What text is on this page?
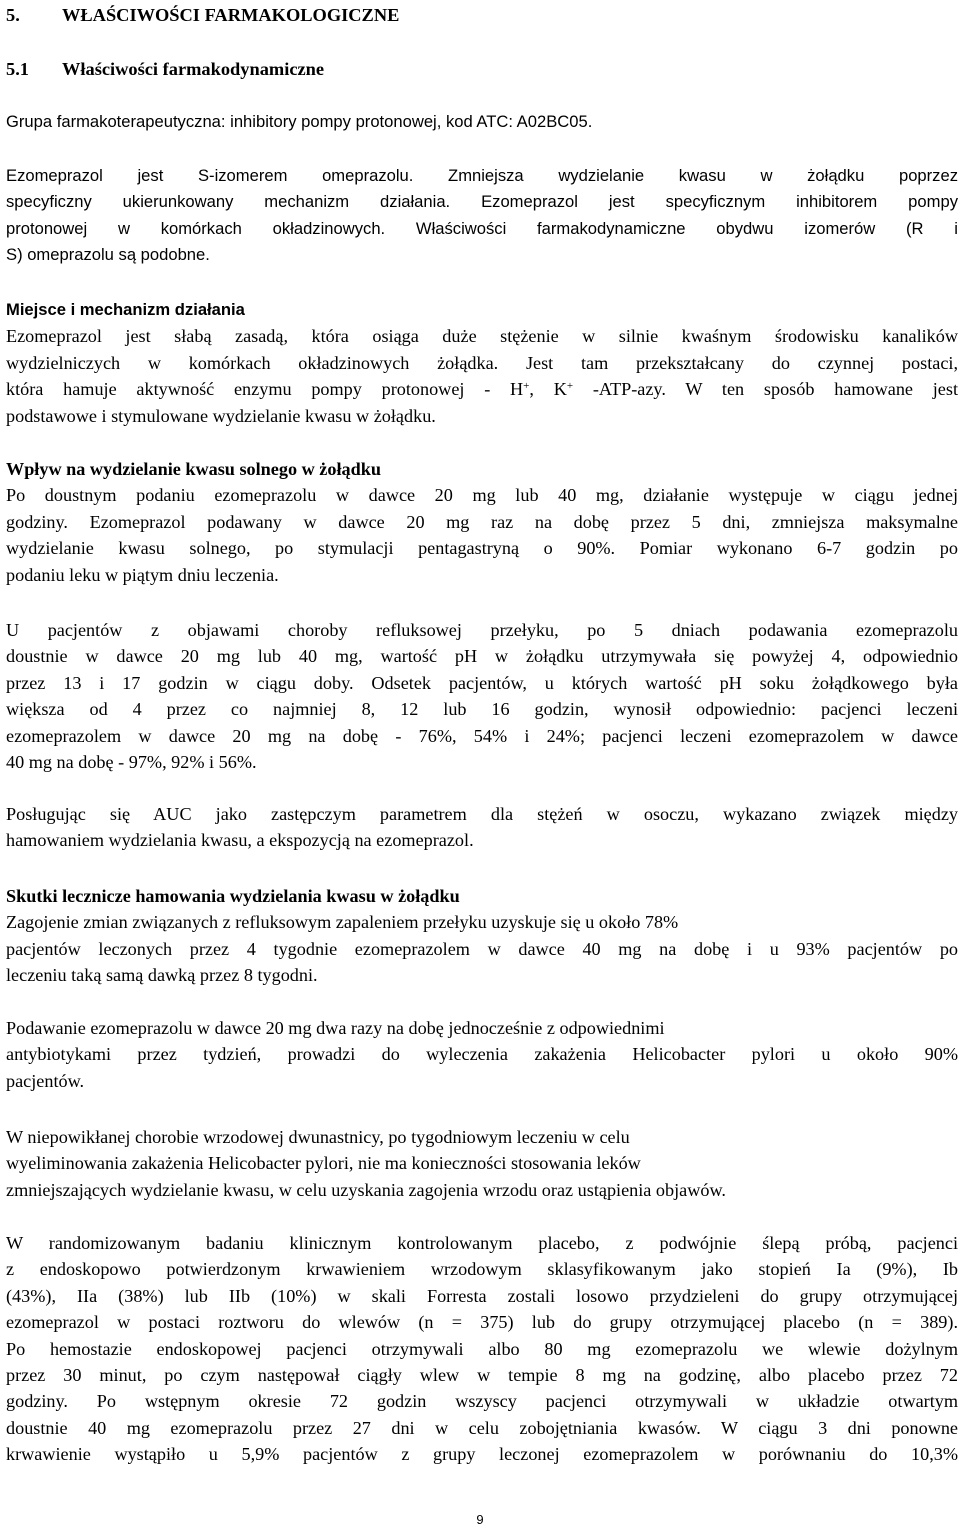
5. WŁAŚCIWOŚCI FARMAKOLOGICZNE
5.1 Właściwości farmakodynamiczne
Grupa farmakoterapeutyczna: inhibitory pompy protonowej, kod ATC: A02BC05.
Ezomeprazol jest S-izomerem omeprazolu. Zmniejsza wydzielanie kwasu w żołądku poprzez
specyficzny ukierunkowany mechanizm działania. Ezomeprazol jest specyficznym inhibitorem pompy
protonowej w komórkach okładzinowych. Właściwości farmakodynamiczne obydwu izomerów (R i
S) omeprazolu są podobne.
Miejsce i mechanizm działania
Ezomeprazol jest słabą zasadą, która osiąga duże stężenie w silnie kwaśnym środowisku kanalików
wydzielniczych w komórkach okładzinowych żołądka. Jest tam przekształcany do czynnej postaci,
która hamuje aktywność enzymu pompy protonowej - H+, K+ -ATP-azy. W ten sposób hamowane jest
podstawowe i stymulowane wydzielanie kwasu w żołądku.
Wpływ na wydzielanie kwasu solnego w żołądku
Po doustnym podaniu ezomeprazolu w dawce 20 mg lub 40 mg, działanie występuje w ciągu jednej
godziny. Ezomeprazol podawany w dawce 20 mg raz na dobę przez 5 dni, zmniejsza maksymalne
wydzielanie kwasu solnego, po stymulacji pentagastryną o 90%. Pomiar wykonano 6-7 godzin po
podaniu leku w piątym dniu leczenia.
U pacjentów z objawami choroby refluksowej przełyku, po 5 dniach podawania ezomeprazolu
doustnie w dawce 20 mg lub 40 mg, wartość pH w żołądku utrzymywała się powyżej 4, odpowiednio
przez 13 i 17 godzin w ciągu doby. Odsetek pacjentów, u których wartość pH soku żołądkowego była
większa od 4 przez co najmniej 8, 12 lub 16 godzin, wynosił odpowiednio: pacjenci leczeni
ezomeprazolem w dawce 20 mg na dobę - 76%, 54% i 24%; pacjenci leczeni ezomeprazolem w dawce
40 mg na dobę - 97%, 92% i 56%.
Posługując się AUC jako zastępczym parametrem dla stężeń w osoczu, wykazano związek między
hamowaniem wydzielania kwasu, a ekspozycją na ezomeprazol.
Skutki lecznicze hamowania wydzielania kwasu w żołądku
Zagojenie zmian związanych z refluksowym zapaleniem przełyku uzyskuje się u około 78%
pacjentów leczonych przez 4 tygodnie ezomeprazolem w dawce 40 mg na dobę i u 93% pacjentów po
leczeniu taką samą dawką przez 8 tygodni.
Podawanie ezomeprazolu w dawce 20 mg dwa razy na dobę jednocześnie z odpowiednimi
antybiotykami przez tydzień, prowadzi do wyleczenia zakażenia Helicobacter pylori u około 90%
pacjentów.
W niepowikłanej chorobie wrzodowej dwunastnicy, po tygodniowym leczeniu w celu
wyeliminowania zakażenia Helicobacter pylori, nie ma konieczności stosowania leków
zmniejszających wydzielanie kwasu, w celu uzyskania zagojenia wrzodu oraz ustąpienia objawów.
W randomizowanym badaniu klinicznym kontrolowanym placebo, z podwójnie ślepą próbą, pacjenci
z endoskopowo potwierdzonym krwawieniem wrzodowym sklasyfikowanym jako stopień Ia (9%), Ib
(43%), IIa (38%) lub IIb (10%) w skali Forresta zostali losowo przydzieleni do grupy otrzymującej
ezomeprazol w postaci roztworu do wlewów (n = 375) lub do grupy otrzymującej placebo (n = 389).
Po hemostazie endoskopowej pacjenci otrzymywali albo 80 mg ezomeprazolu we wlewie dożylnym
przez 30 minut, po czym następował ciągły wlew w tempie 8 mg na godzinę, albo placebo przez 72
godziny. Po wstępnym okresie 72 godzin wszyscy pacjenci otrzymywali w układzie otwartym
doustnie 40 mg ezomeprazolu przez 27 dni w celu zobojętniania kwasów. W ciągu 3 dni ponowne
krwawienie wystąpiło u 5,9% pacjentów z grupy leczonej ezomeprazolem w porównaniu do 10,3%
9
